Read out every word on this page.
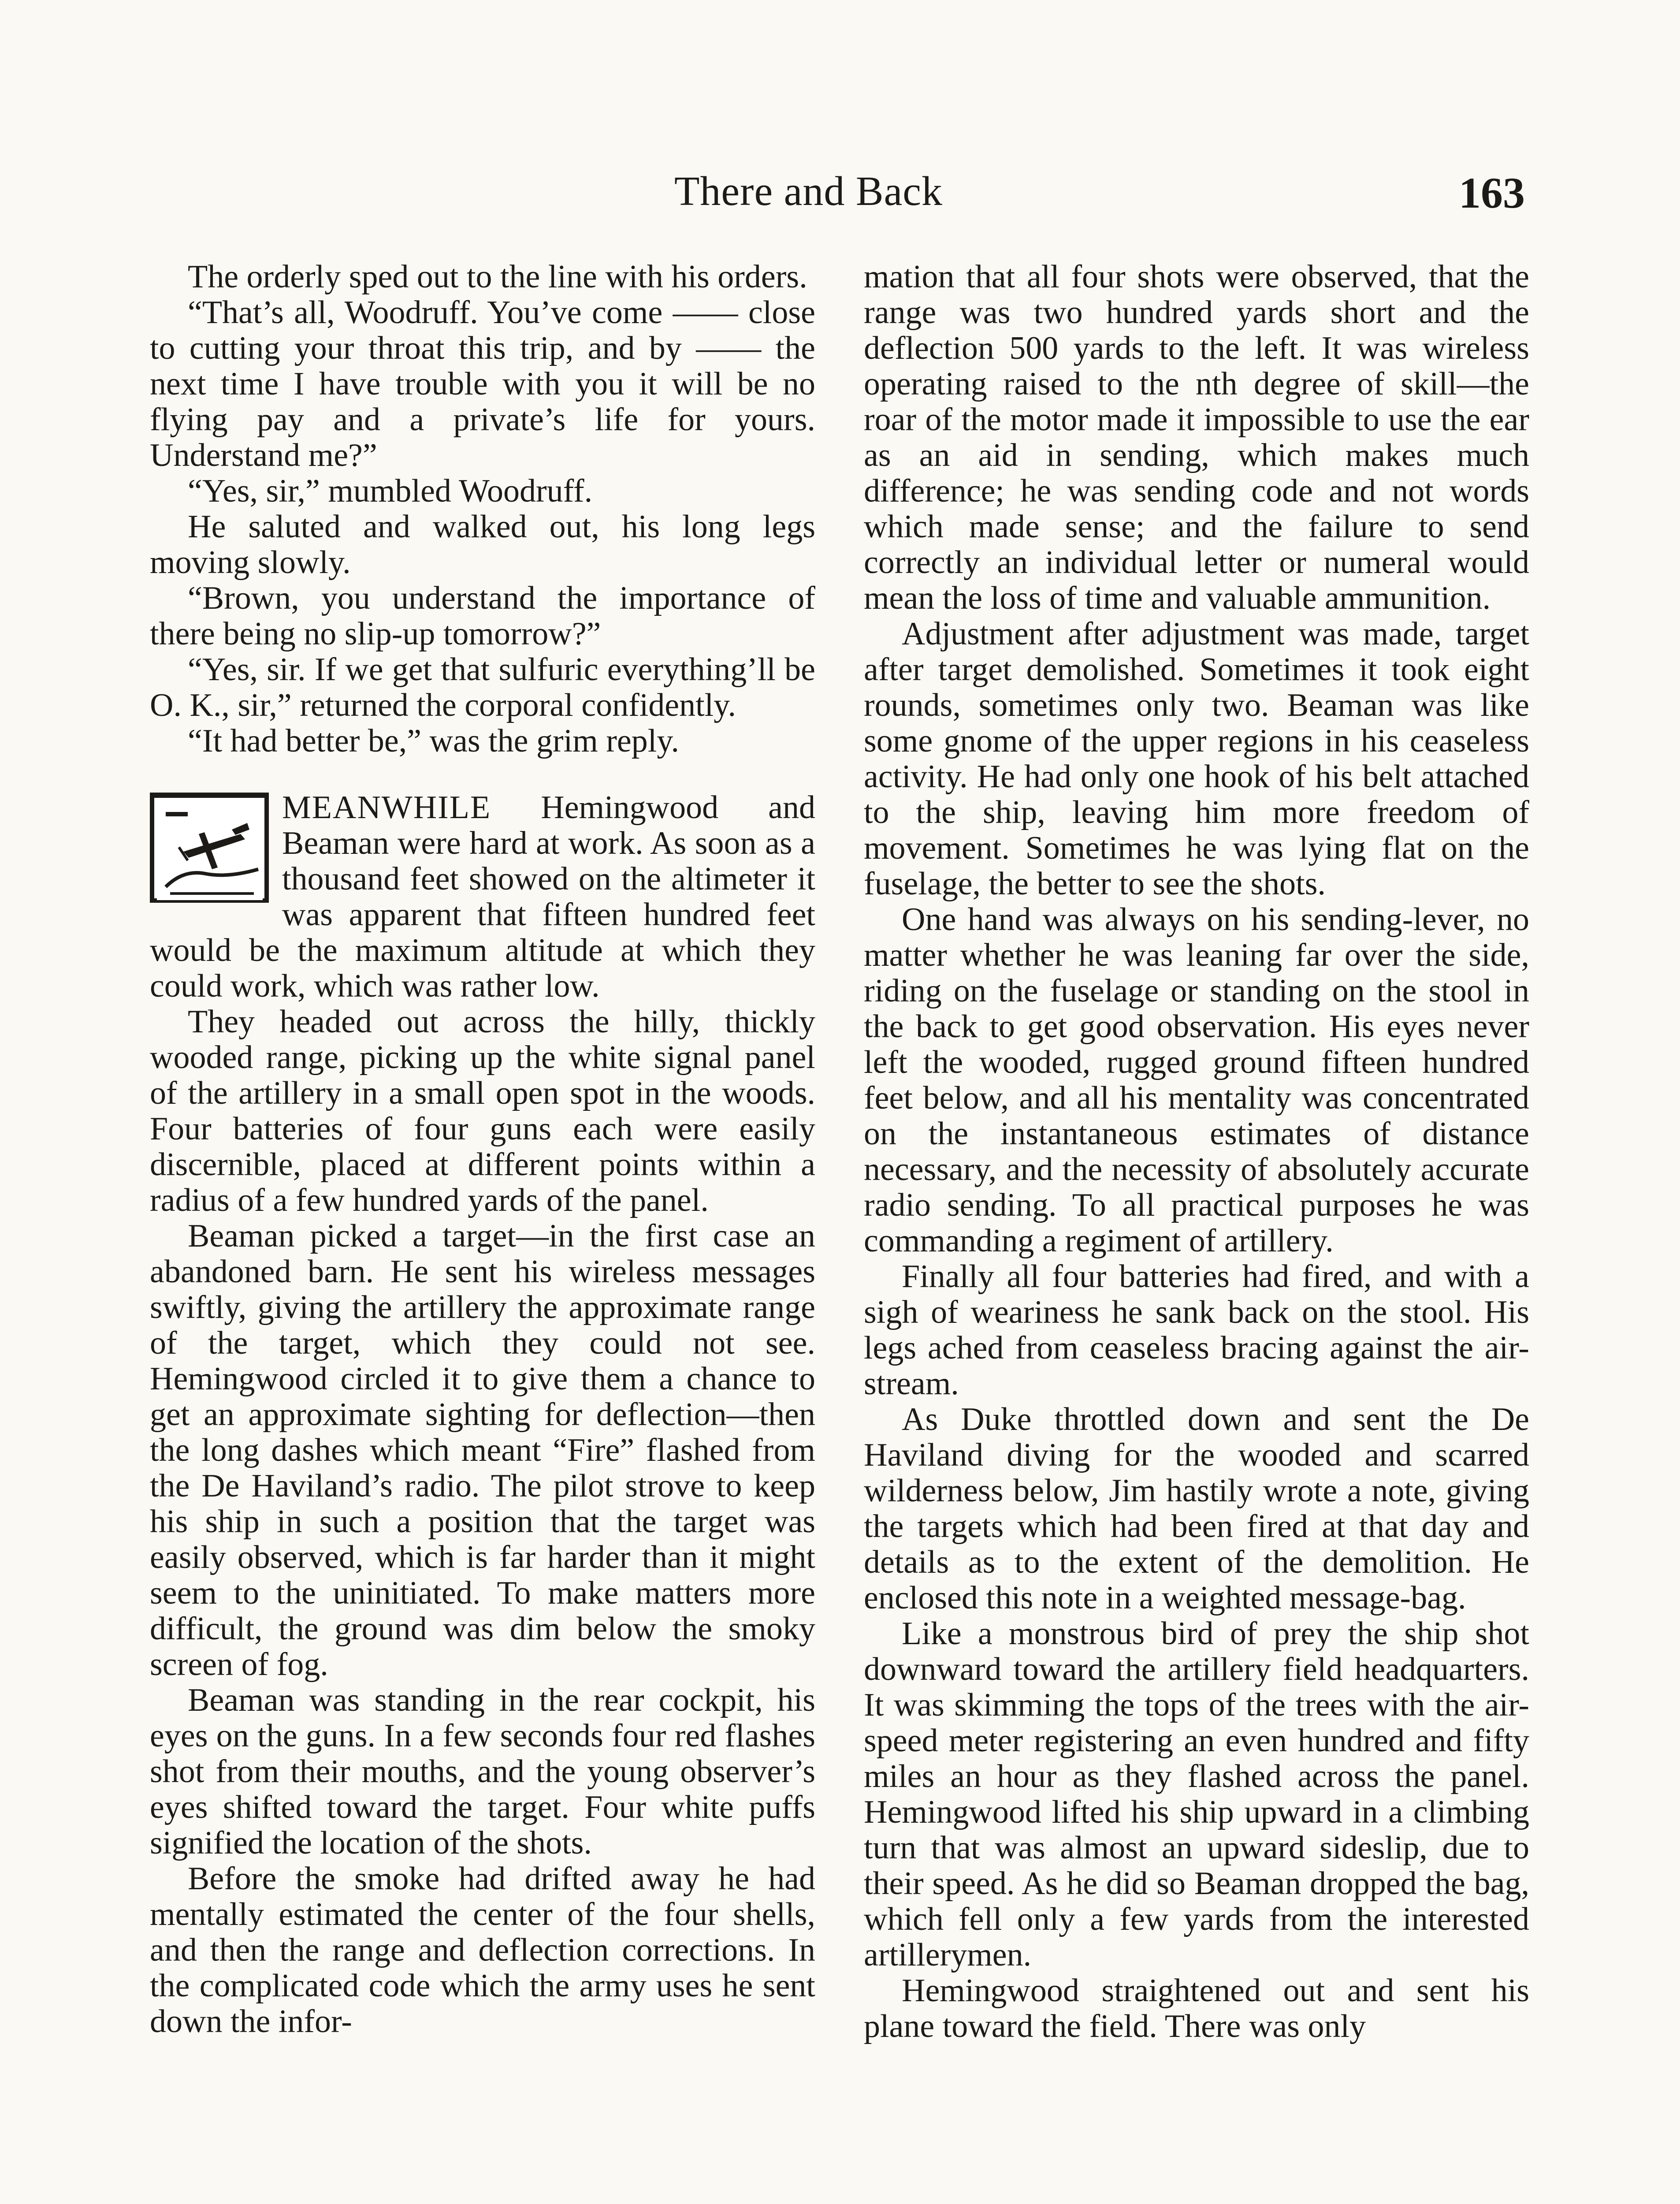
There and Back	163

The orderly sped out to the line with his orders.

“That’s all, Woodruff. You’ve come —— close to cutting your throat this trip, and by —— the next time I have trouble with you it will be no flying pay and a private’s life for yours. Understand me?”

“Yes, sir,” mumbled Woodruff.

He saluted and walked out, his long legs moving slowly.

“Brown, you understand the importance of there being no slip-up tomorrow?”

“Yes, sir. If we get that sulfuric everything’ll be O. K., sir,” returned the corporal confidently.

“It had better be,” was the grim reply.

MEANWHILE Hemingwood and Beaman were hard at work. As soon as a thousand feet showed on the altimeter it was apparent that fifteen hundred feet would be the maximum altitude at which they could work, which was rather low.

They headed out across the hilly, thickly wooded range, picking up the white signal panel of the artillery in a small open spot in the woods. Four batteries of four guns each were easily discernible, placed at different points within a radius of a few hundred yards of the panel.

Beaman picked a target—in the first case an abandoned barn. He sent his wireless messages swiftly, giving the artillery the approximate range of the target, which they could not see. Hemingwood circled it to give them a chance to get an approximate sighting for deflection—then the long dashes which meant “Fire” flashed from the De Haviland’s radio. The pilot strove to keep his ship in such a position that the target was easily observed, which is far harder than it might seem to the uninitiated. To make matters more difficult, the ground was dim below the smoky screen of fog.

Beaman was standing in the rear cockpit, his eyes on the guns. In a few seconds four red flashes shot from their mouths, and the young observer’s eyes shifted toward the target. Four white puffs signified the location of the shots.

Before the smoke had drifted away he had mentally estimated the center of the four shells, and then the range and deflection corrections. In the complicated code which the army uses he sent down the infor-

mation that all four shots were observed, that the range was two hundred yards short and the deflection 500 yards to the left. It was wireless operating raised to the nth degree of skill—the roar of the motor made it impossible to use the ear as an aid in sending, which makes much difference; he was sending code and not words which made sense; and the failure to send correctly an individual letter or numeral would mean the loss of time and valuable ammunition.

Adjustment after adjustment was made, target after target demolished. Sometimes it took eight rounds, sometimes only two. Beaman was like some gnome of the upper regions in his ceaseless activity. He had only one hook of his belt attached to the ship, leaving him more freedom of movement. Sometimes he was lying flat on the fuselage, the better to see the shots.

One hand was always on his sending-lever, no matter whether he was leaning far over the side, riding on the fuselage or standing on the stool in the back to get good observation. His eyes never left the wooded, rugged ground fifteen hundred feet below, and all his mentality was concentrated on the instantaneous estimates of distance necessary, and the necessity of absolutely accurate radio sending. To all practical purposes he was commanding a regiment of artillery.

Finally all four batteries had fired, and with a sigh of weariness he sank back on the stool. His legs ached from ceaseless bracing against the air-stream.

As Duke throttled down and sent the De Haviland diving for the wooded and scarred wilderness below, Jim hastily wrote a note, giving the targets which had been fired at that day and details as to the extent of the demolition. He enclosed this note in a weighted message-bag.

Like a monstrous bird of prey the ship shot downward toward the artillery field headquarters. It was skimming the tops of the trees with the air-speed meter registering an even hundred and fifty miles an hour as they flashed across the panel. Hemingwood lifted his ship upward in a climbing turn that was almost an upward sideslip, due to their speed. As he did so Beaman dropped the bag, which fell only a few yards from the interested artillerymen.

Hemingwood straightened out and sent his plane toward the field. There was only
